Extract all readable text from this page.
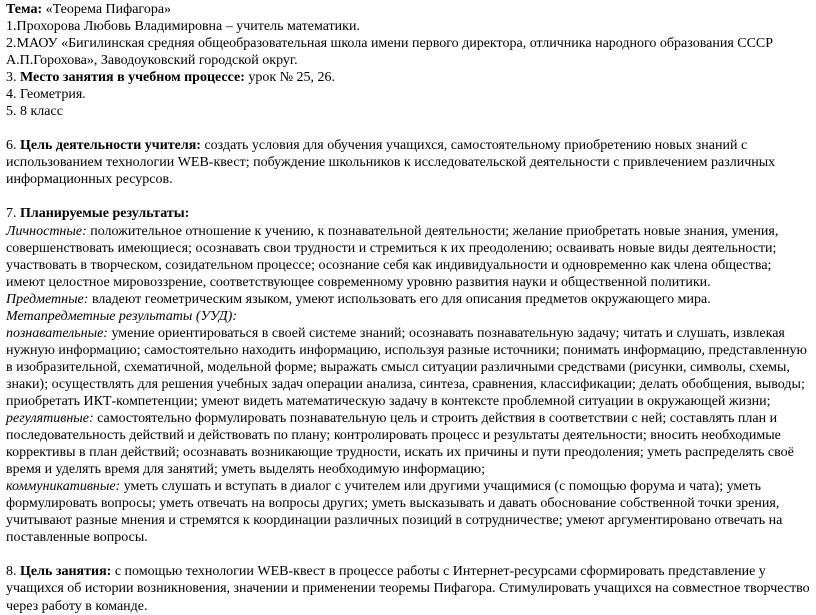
Тема: «Теорема Пифагора»

1.Прохорова Любовь Владимировна – учитель математики.

2.МАОУ «Бигилинская средняя общеобразовательная школа имени первого директора, отличника народного образования СССР А.П.Горохова», Заводоуковский городской округ.

3. Место занятия в учебном процессе: урок № 25, 26.

4. Геометрия.

5. 8 класс

6. Цель деятельности учителя: создать условия для обучения учащихся, самостоятельному приобретению новых знаний с использованием технологии WEB-квест; побуждение школьников к исследовательской деятельности с привлечением различных информационных ресурсов.

7. Планируемые результаты:

Личностные: положительное отношение к учению, к познавательной деятельности; желание приобретать новые знания, умения, совершенствовать имеющиеся; осознавать свои трудности и стремиться к их преодолению; осваивать новые виды деятельности; участвовать в творческом, созидательном процессе; осознание себя как индивидуальности и одновременно как члена общества;

имеют целостное мировоззрение, соответствующее современному уровню развития науки и общественной политики.

Предметные: владеют геометрическим языком, умеют использовать его для описания предметов окружающего мира.

Метапредметные результаты (УУД):

познавательные: умение ориентироваться в своей системе знаний; осознавать познавательную задачу; читать и слушать, извлекая нужную информацию; самостоятельно находить информацию, используя разные источники; понимать информацию, представленную в изобразительной, схематичной, модельной форме; выражать смысл ситуации различными средствами (рисунки, символы, схемы, знаки); осуществлять для решения учебных задач операции анализа, синтеза, сравнения, классификации; делать обобщения, выводы; приобретать ИКТ-компетенции; умеют видеть математическую задачу в контексте проблемной ситуации в окружающей жизни;

регулятивные: самостоятельно формулировать познавательную цель и строить действия в соответствии с ней; составлять план и последовательность действий и действовать по плану; контролировать процесс и результаты деятельности; вносить необходимые коррективы в план действий; осознавать возникающие трудности, искать их причины и пути преодоления; уметь распределять своё время и уделять время для занятий; уметь выделять необходимую информацию;

коммуникативные: уметь слушать и вступать в диалог с учителем или другими учащимися (с помощью форума и чата); уметь формулировать вопросы; уметь отвечать на вопросы других; уметь высказывать и давать обоснование собственной точки зрения, учитывают разные мнения и стремятся к координации различных позиций в сотрудничестве; умеют аргументировано отвечать на поставленные вопросы.

8. Цель занятия: с помощью технологии WEB-квест в процессе работы с Интернет-ресурсами сформировать представление у учащихся об истории возникновения, значении и применении теоремы Пифагора. Стимулировать учащихся на совместное творчество через работу в команде.
